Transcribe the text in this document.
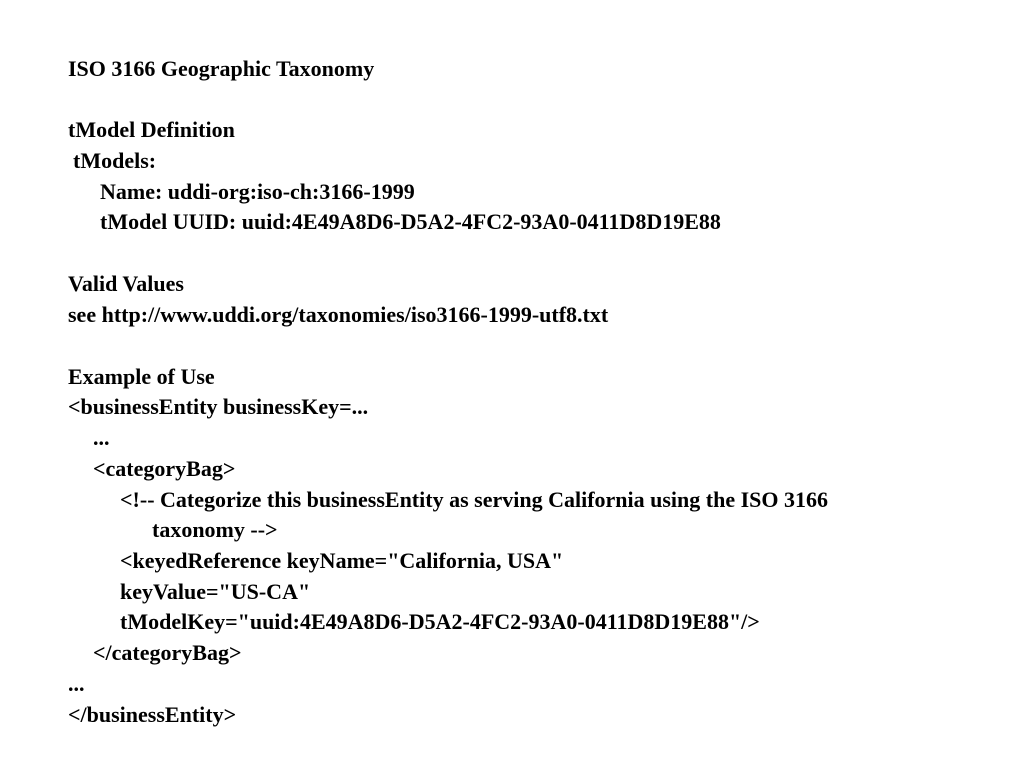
ISO 3166 Geographic Taxonomy
tModel Definition
tModels:
Name: uddi-org:iso-ch:3166-1999
tModel UUID: uuid:4E49A8D6-D5A2-4FC2-93A0-0411D8D19E88
Valid Values
see http://www.uddi.org/taxonomies/iso3166-1999-utf8.txt
Example of Use
<businessEntity businessKey=...
...
<categoryBag>
<!-- Categorize this businessEntity as serving California using the ISO 3166
taxonomy -->
<keyedReference keyName="California, USA"
keyValue="US-CA"
tModelKey="uuid:4E49A8D6-D5A2-4FC2-93A0-0411D8D19E88"/>
</categoryBag>
...
</businessEntity>
